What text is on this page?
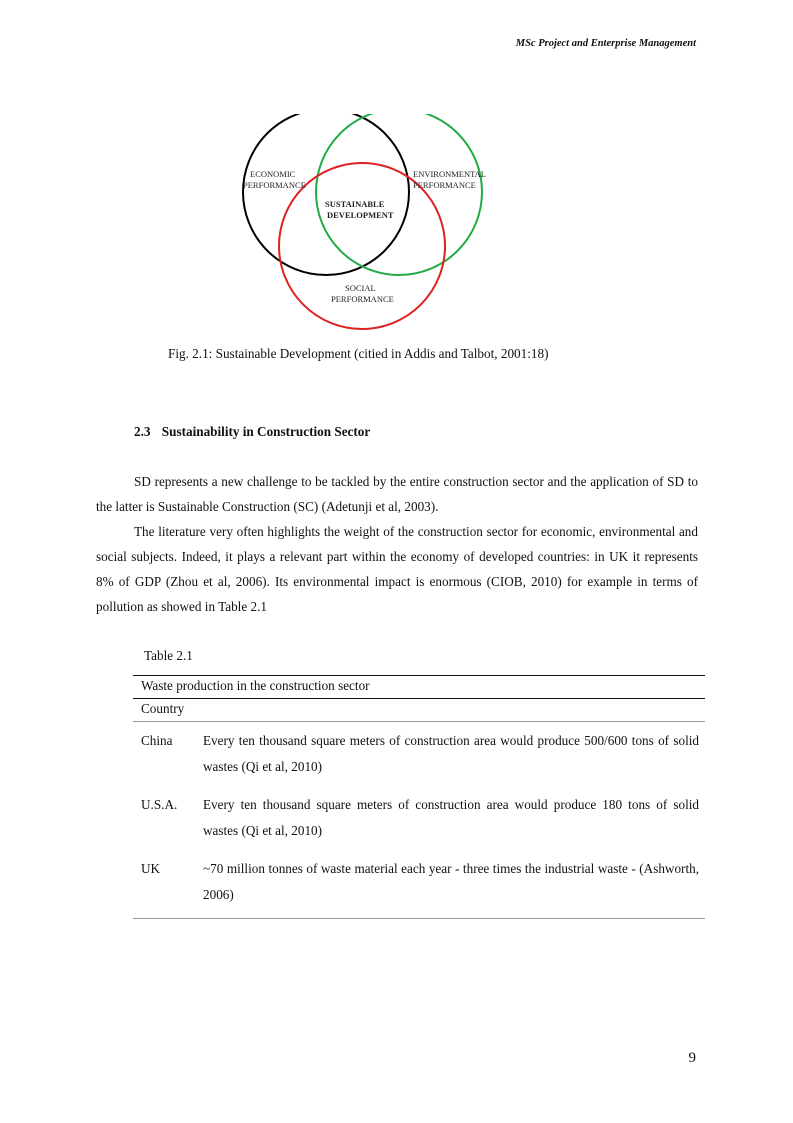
MSc Project and Enterprise Management
ECONOMIC
PERFORMANCE
ENVIRONMENTAL
PERFORMANCE
SUSTAINABLE
DEVELOPMENT
SOCIAL
PERFORMANCE
Fig. 2.1: Sustainable Development (citied in Addis and Talbot, 2001:18)
2.3 Sustainability in Construction Sector

SD represents a new challenge to be tackled by the entire construction sector and the application of SD to the latter is Sustainable Construction (SC) (Adetunji et al, 2003).

The literature very often highlights the weight of the construction sector for economic, environmental and social subjects. Indeed, it plays a relevant part within the economy of developed countries: in UK it represents 8% of GDP (Zhou et al, 2006). Its environmental impact is enormous (CIOB, 2010) for example in terms of pollution as showed in Table 2.1

Table 2.1
Waste production in the construction sector
Country
China	Every ten thousand square meters of construction area would produce 500/600 tons of solid wastes (Qi et al, 2010)
U.S.A.	Every ten thousand square meters of construction area would produce 180 tons of solid wastes (Qi et al, 2010)
UK	~70 million tonnes of waste material each year - three times the industrial waste - (Ashworth, 2006)
9
